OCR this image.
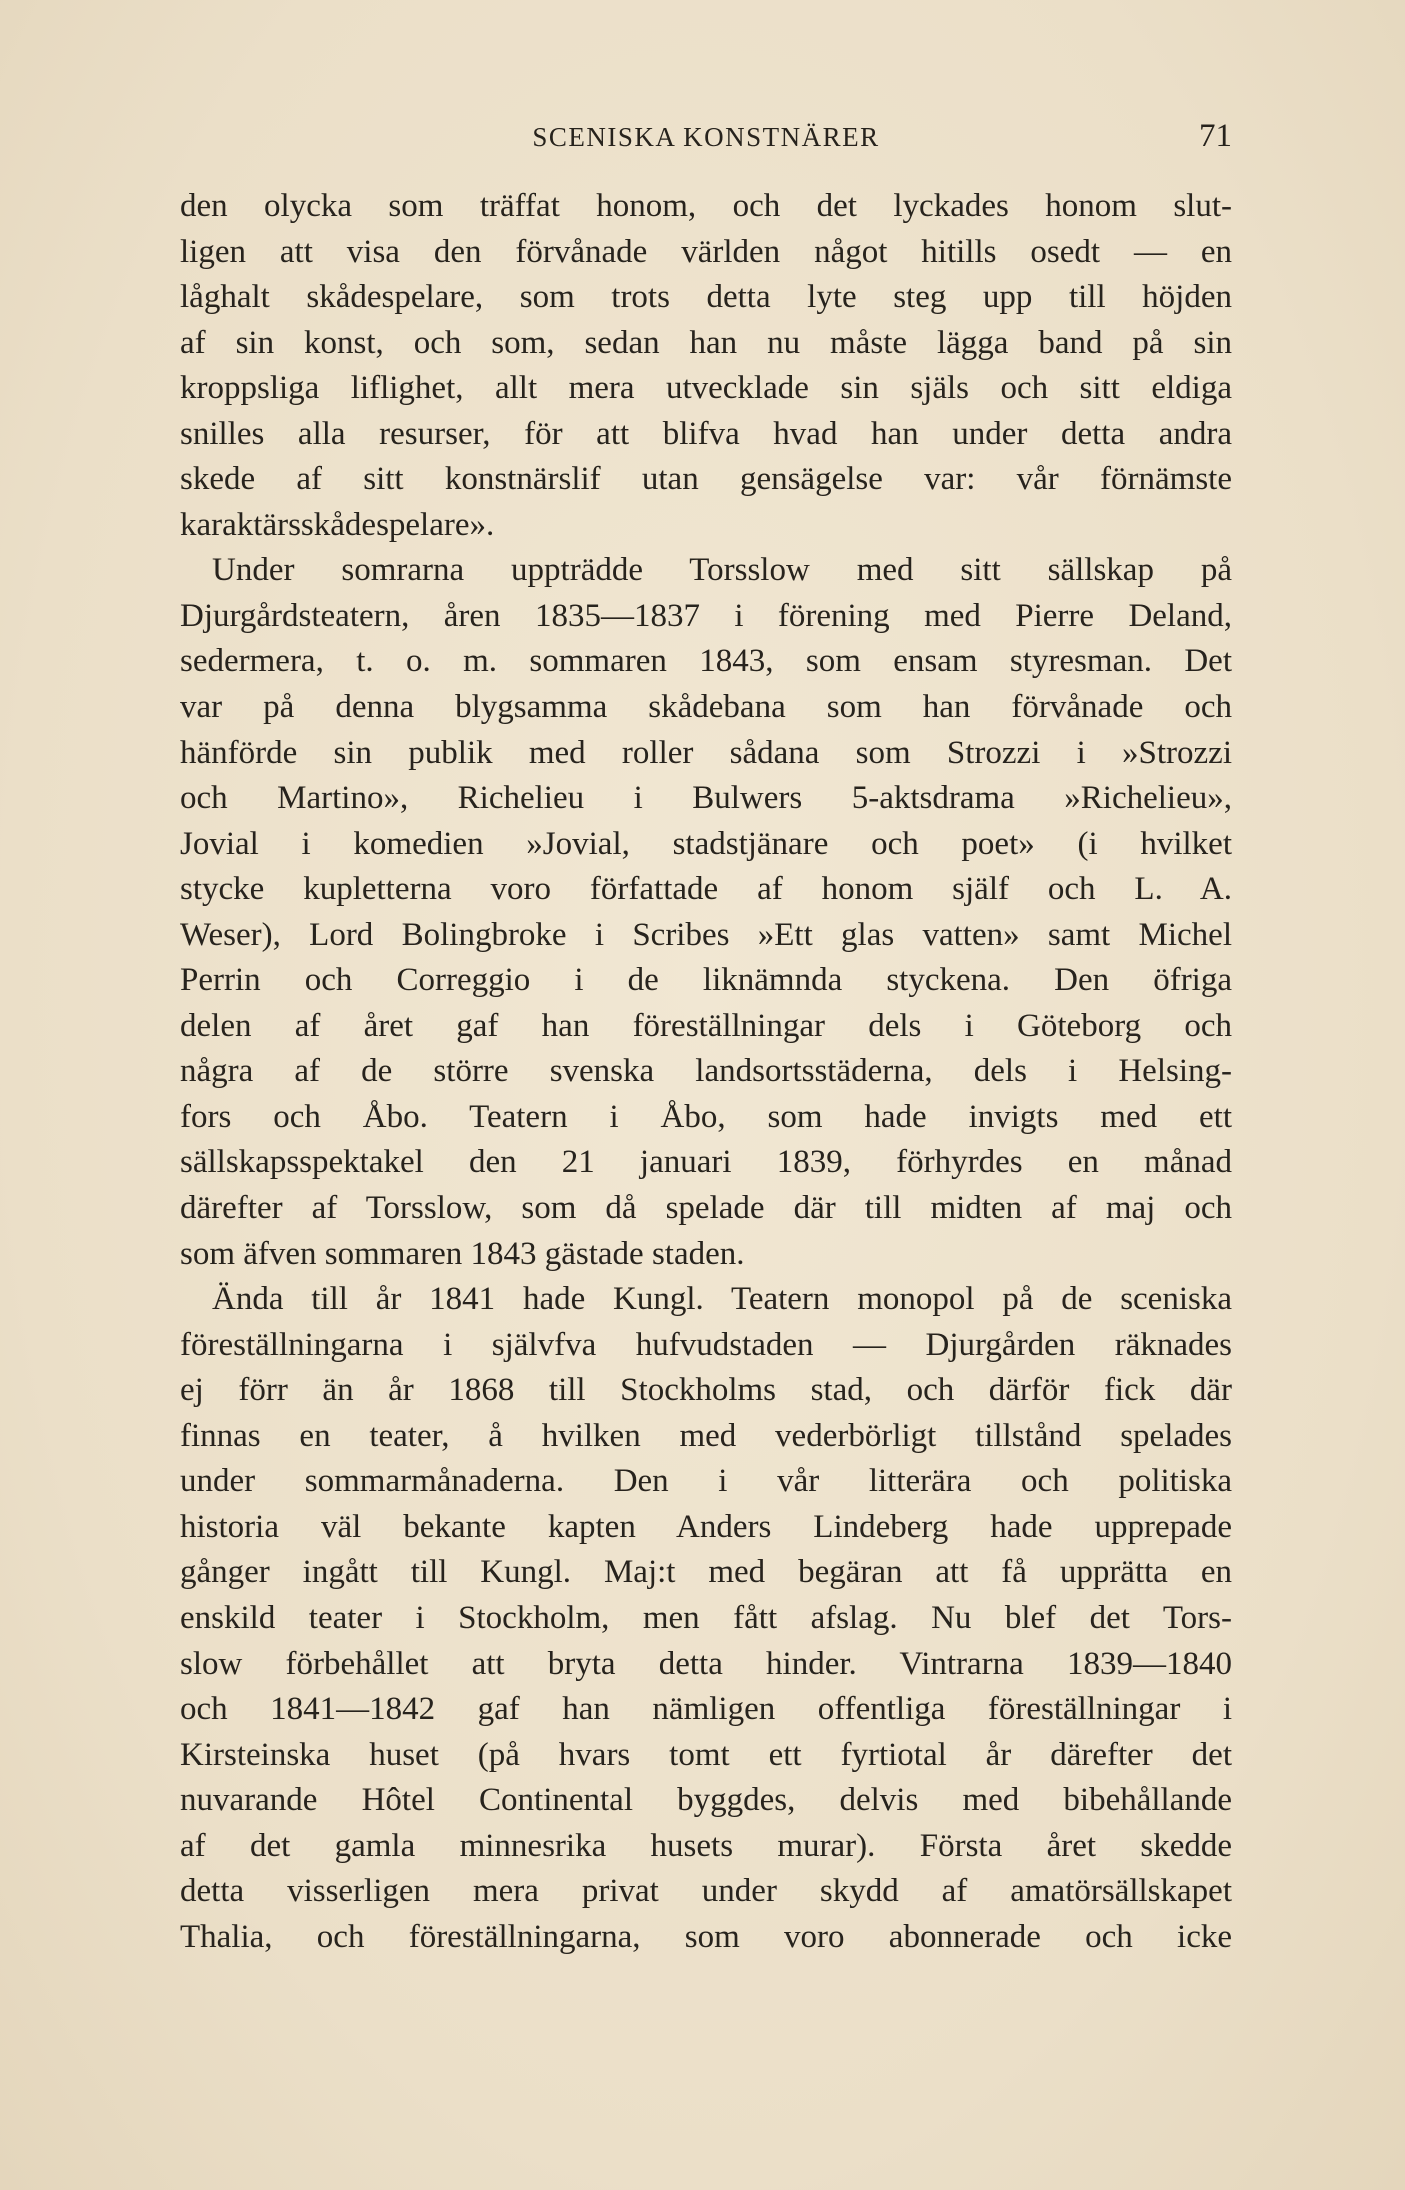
SCENISKA KONSTNÄRER	71
den olycka som träffat honom, och det lyckades honom slut-
ligen att visa den förvånade världen något hitills osedt — en
låghalt skådespelare, som trots detta lyte steg upp till höjden
af sin konst, och som, sedan han nu måste lägga band på sin
kroppsliga liflighet, allt mera utvecklade sin själs och sitt eldiga
snilles alla resurser, för att blifva hvad han under detta andra
skede af sitt konstnärslif utan gensägelse var: vår förnämste
karaktärsskådespelare».
Under somrarna uppträdde Torsslow med sitt sällskap på
Djurgårdsteatern, åren 1835—1837 i förening med Pierre Deland,
sedermera, t. o. m. sommaren 1843, som ensam styresman. Det
var på denna blygsamma skådebana som han förvånade och
hänförde sin publik med roller sådana som Strozzi i »Strozzi
och Martino», Richelieu i Bulwers 5-aktsdrama »Richelieu»,
Jovial i komedien »Jovial, stadstjänare och poet» (i hvilket
stycke kupletterna voro författade af honom själf och L. A.
Weser), Lord Bolingbroke i Scribes »Ett glas vatten» samt Michel
Perrin och Correggio i de liknämnda styckena. Den öfriga
delen af året gaf han föreställningar dels i Göteborg och
några af de större svenska landsortsstäderna, dels i Helsing-
fors och Åbo. Teatern i Åbo, som hade invigts med ett
sällskapsspektakel den 21 januari 1839, förhyrdes en månad
därefter af Torsslow, som då spelade där till midten af maj och
som äfven sommaren 1843 gästade staden.
Ända till år 1841 hade Kungl. Teatern monopol på de sceniska
föreställningarna i självfva hufvudstaden — Djurgården räknades
ej förr än år 1868 till Stockholms stad, och därför fick där
finnas en teater, å hvilken med vederbörligt tillstånd spelades
under sommarmånaderna. Den i vår litterära och politiska
historia väl bekante kapten Anders Lindeberg hade upprepade
gånger ingått till Kungl. Maj:t med begäran att få upprätta en
enskild teater i Stockholm, men fått afslag. Nu blef det Tors-
slow förbehållet att bryta detta hinder. Vintrarna 1839—1840
och 1841—1842 gaf han nämligen offentliga föreställningar i
Kirsteinska huset (på hvars tomt ett fyrtiotal år därefter det
nuvarande Hôtel Continental byggdes, delvis med bibehållande
af det gamla minnesrika husets murar). Första året skedde
detta visserligen mera privat under skydd af amatörsällskapet
Thalia, och föreställningarna, som voro abonnerade och icke
